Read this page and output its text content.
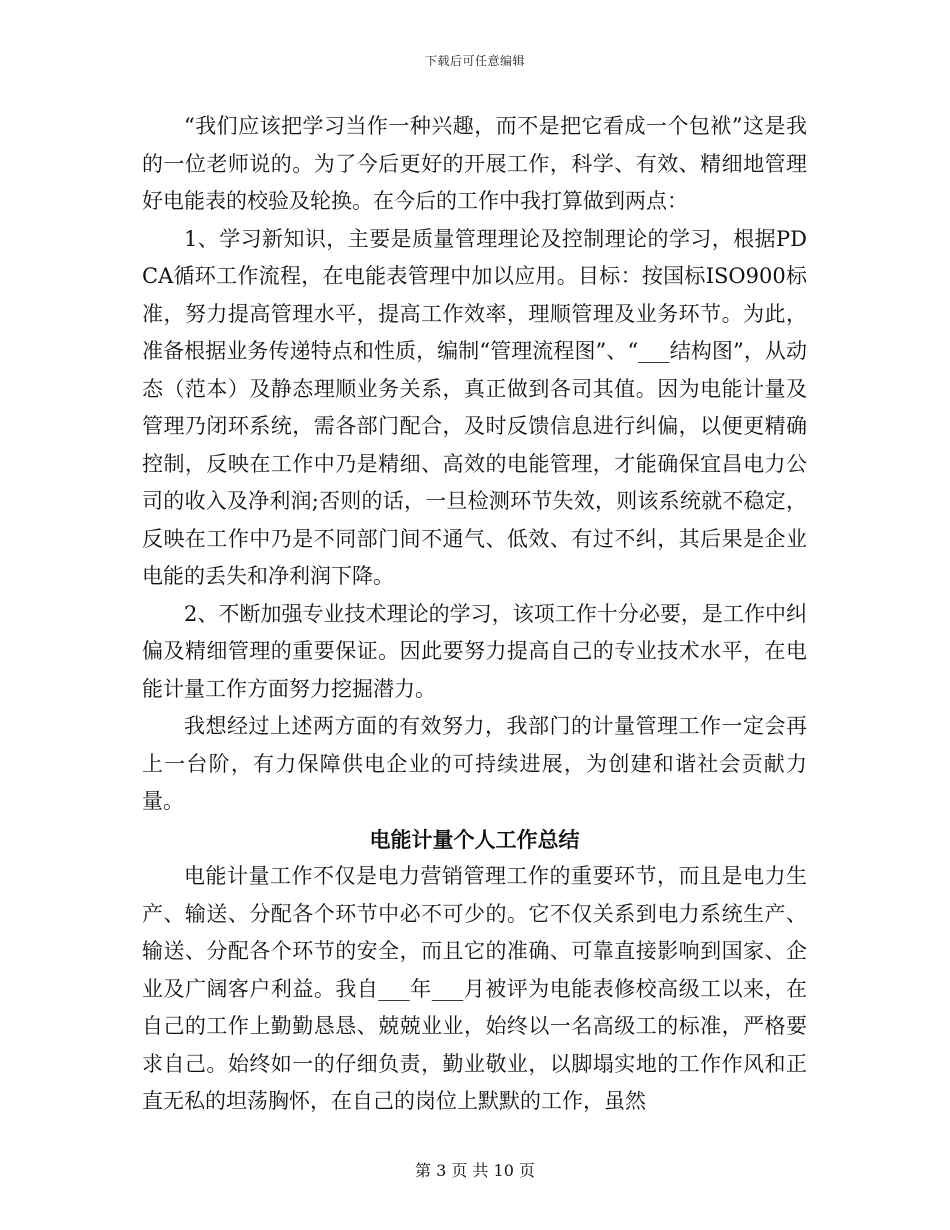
下载后可任意编辑

“我们应该把学习当作一种兴趣，而不是把它看成一个包袱”这是我的一位老师说的。为了今后更好的开展工作，科学、有效、精细地管理好电能表的校验及轮换。在今后的工作中我打算做到两点：

1、学习新知识，主要是质量管理理论及控制理论的学习，根据PDCA循环工作流程，在电能表管理中加以应用。目标：按国标ISO900标准，努力提高管理水平，提高工作效率，理顺管理及业务环节。为此，准备根据业务传递特点和性质，编制“管理流程图”、“___结构图”，从动态（范本）及静态理顺业务关系，真正做到各司其值。因为电能计量及管理乃闭环系统，需各部门配合，及时反馈信息进行纠偏，以便更精确控制，反映在工作中乃是精细、高效的电能管理，才能确保宜昌电力公司的收入及净利润;否则的话，一旦检测环节失效，则该系统就不稳定，反映在工作中乃是不同部门间不通气、低效、有过不纠，其后果是企业电能的丢失和净利润下降。

2、不断加强专业技术理论的学习，该项工作十分必要，是工作中纠偏及精细管理的重要保证。因此要努力提高自己的专业技术水平，在电能计量工作方面努力挖掘潜力。

我想经过上述两方面的有效努力，我部门的计量管理工作一定会再上一台阶，有力保障供电企业的可持续进展，为创建和谐社会贡献力量。

电能计量个人工作总结

电能计量工作不仅是电力营销管理工作的重要环节，而且是电力生产、输送、分配各个环节中必不可少的。它不仅关系到电力系统生产、输送、分配各个环节的安全，而且它的准确、可靠直接影响到国家、企业及广阔客户利益。我自___年___月被评为电能表修校高级工以来，在自己的工作上勤勤恳恳、兢兢业业，始终以一名高级工的标准，严格要求自己。始终如一的仔细负责，勤业敬业，以脚塌实地的工作作风和正直无私的坦荡胸怀，在自己的岗位上默默的工作，虽然

第 3 页 共 10 页
